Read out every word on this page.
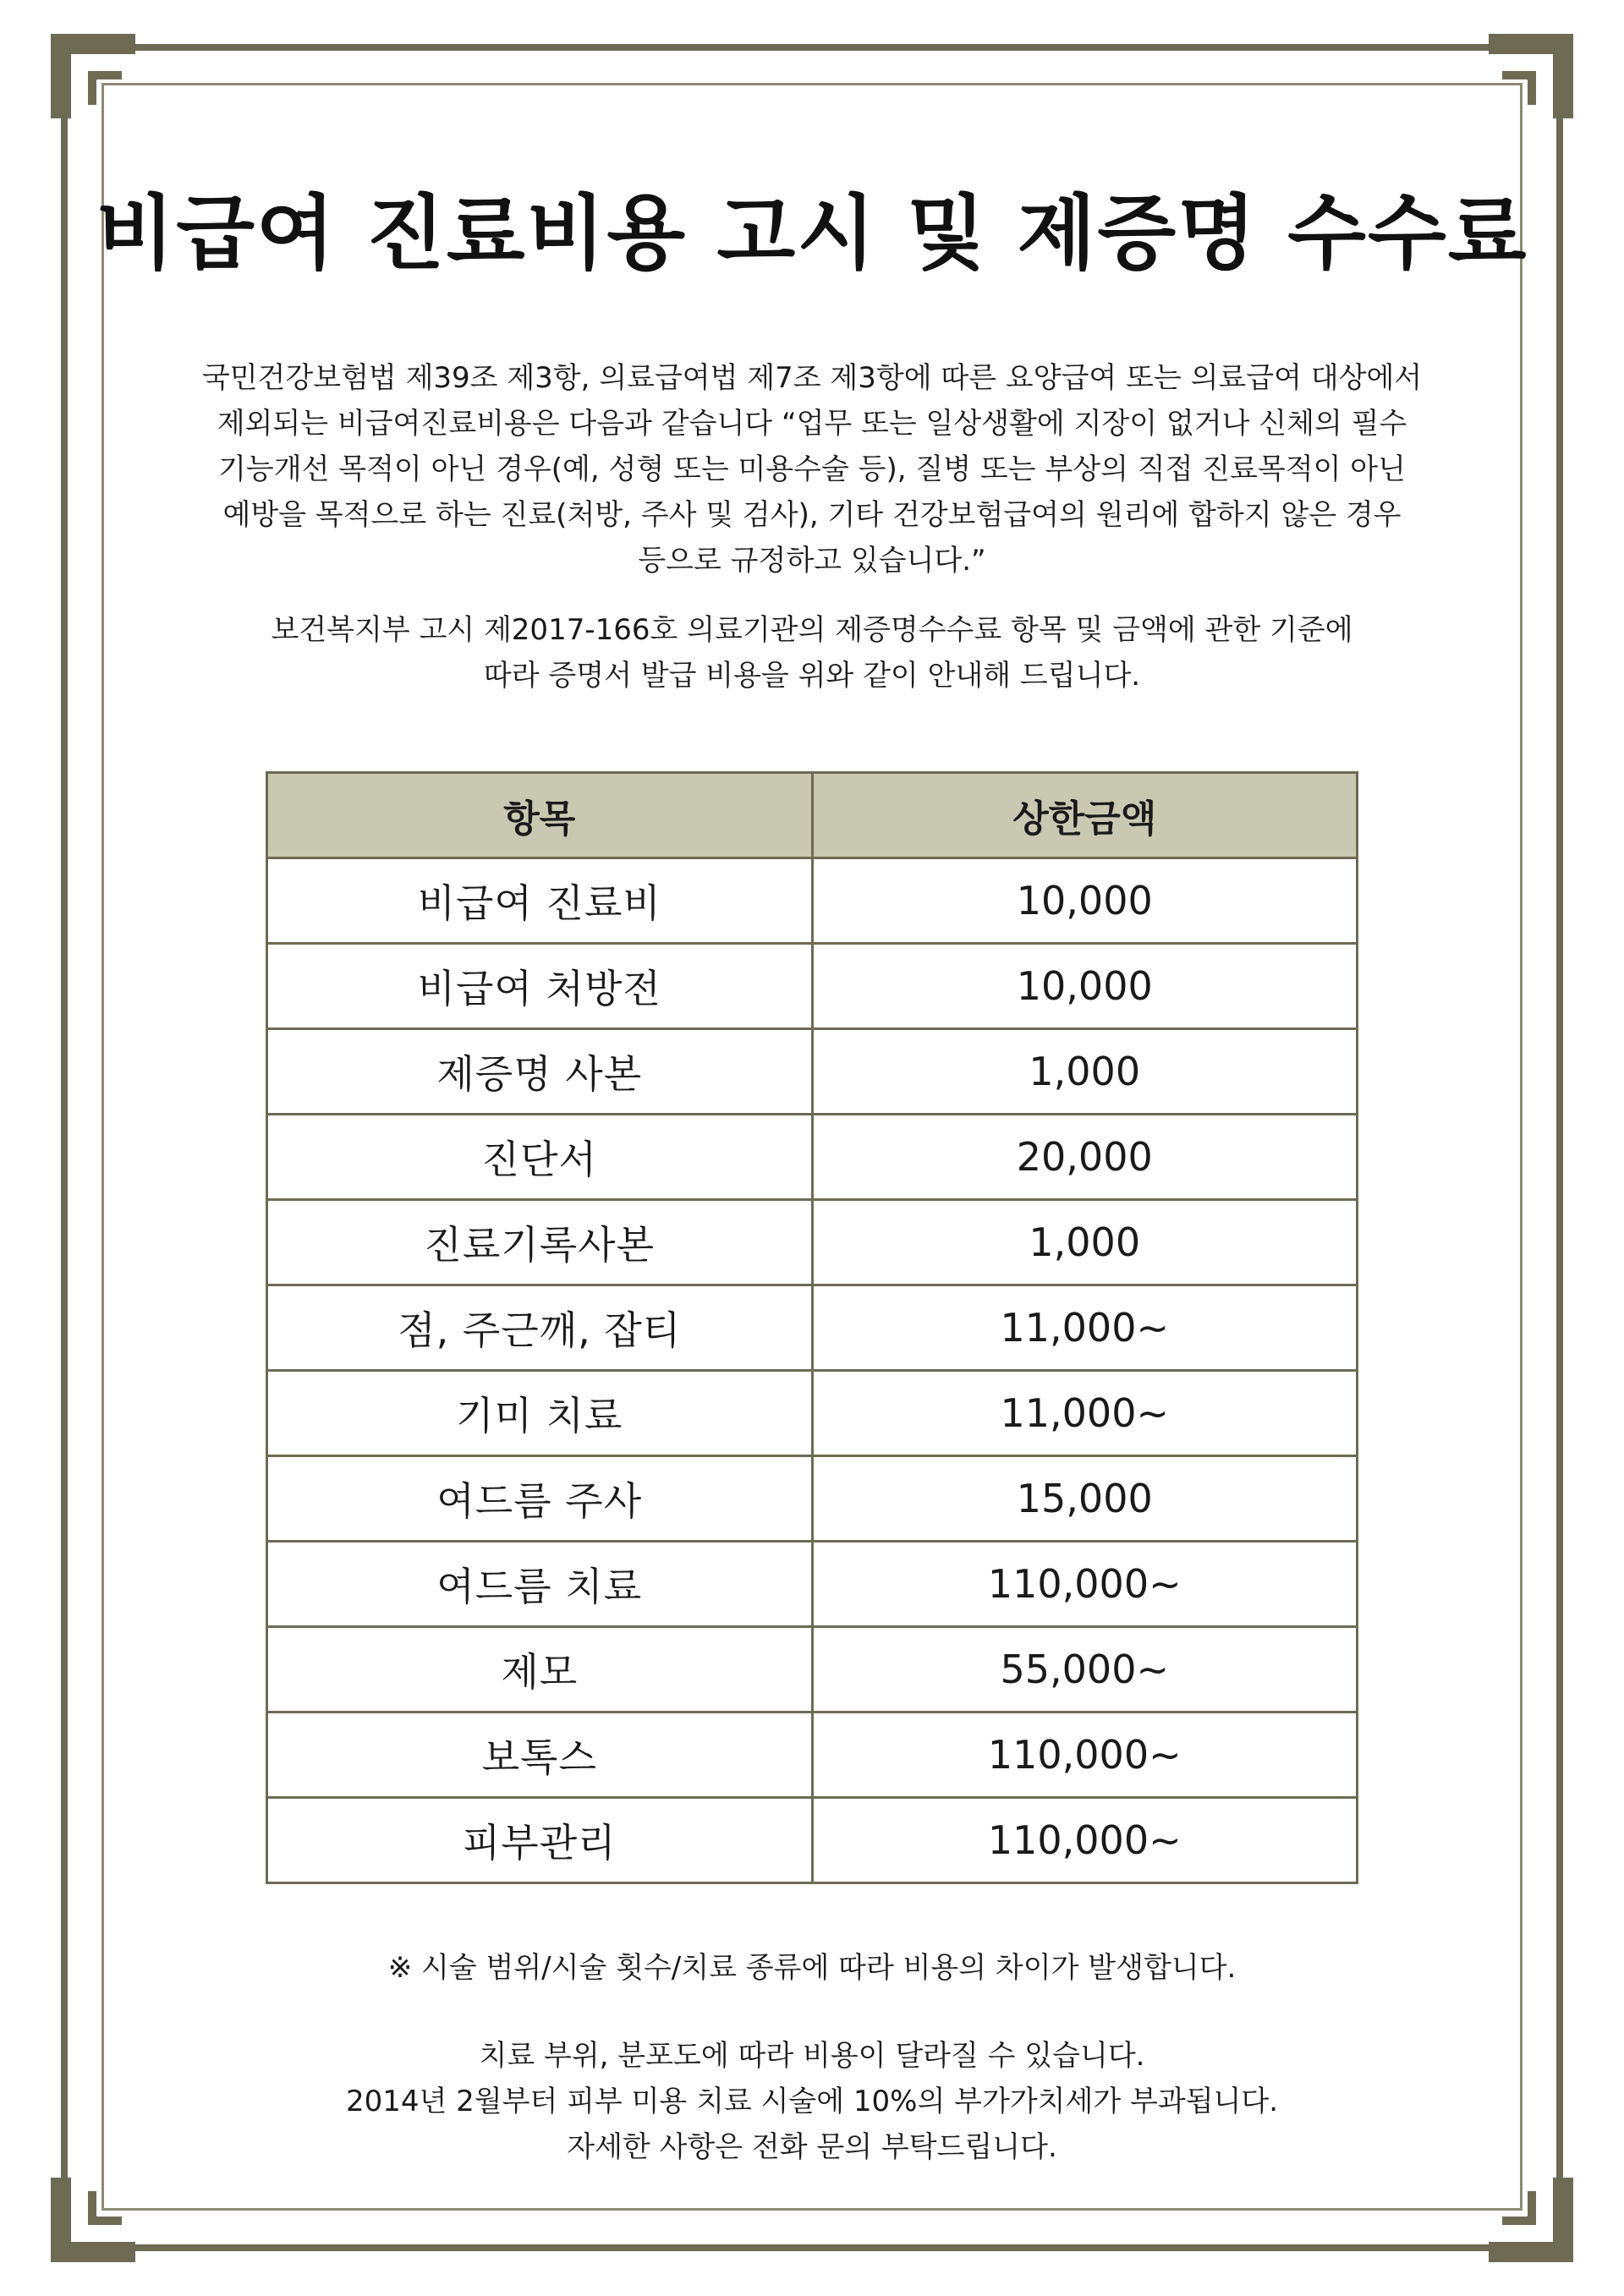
비급여 진료비용 고시 및 제증명 수수료

국민건강보험법 제39조 제3항, 의료급여법 제7조 제3항에 따른 요양급여 또는 의료급여 대상에서
제외되는 비급여진료비용은 다음과 같습니다 “업무 또는 일상생활에 지장이 없거나 신체의 필수
기능개선 목적이 아닌 경우(예, 성형 또는 미용수술 등), 질병 또는 부상의 직접 진료목적이 아닌
예방을 목적으로 하는 진료(처방, 주사 및 검사), 기타 건강보험급여의 원리에 합하지 않은 경우
등으로 규정하고 있습니다.”

보건복지부 고시 제2017-166호 의료기관의 제증명수수료 항목 및 금액에 관한 기준에
따라 증명서 발급 비용을 위와 같이 안내해 드립니다.

항목	상한금액
비급여 진료비	10,000
비급여 처방전	10,000
제증명 사본	1,000
진단서	20,000
진료기록사본	1,000
점, 주근깨, 잡티	11,000~
기미 치료	11,000~
여드름 주사	15,000
여드름 치료	110,000~
제모	55,000~
보톡스	110,000~
피부관리	110,000~

※ 시술 범위/시술 횟수/치료 종류에 따라 비용의 차이가 발생합니다.

치료 부위, 분포도에 따라 비용이 달라질 수 있습니다.
2014년 2월부터 피부 미용 치료 시술에 10%의 부가가치세가 부과됩니다.
자세한 사항은 전화 문의 부탁드립니다.
